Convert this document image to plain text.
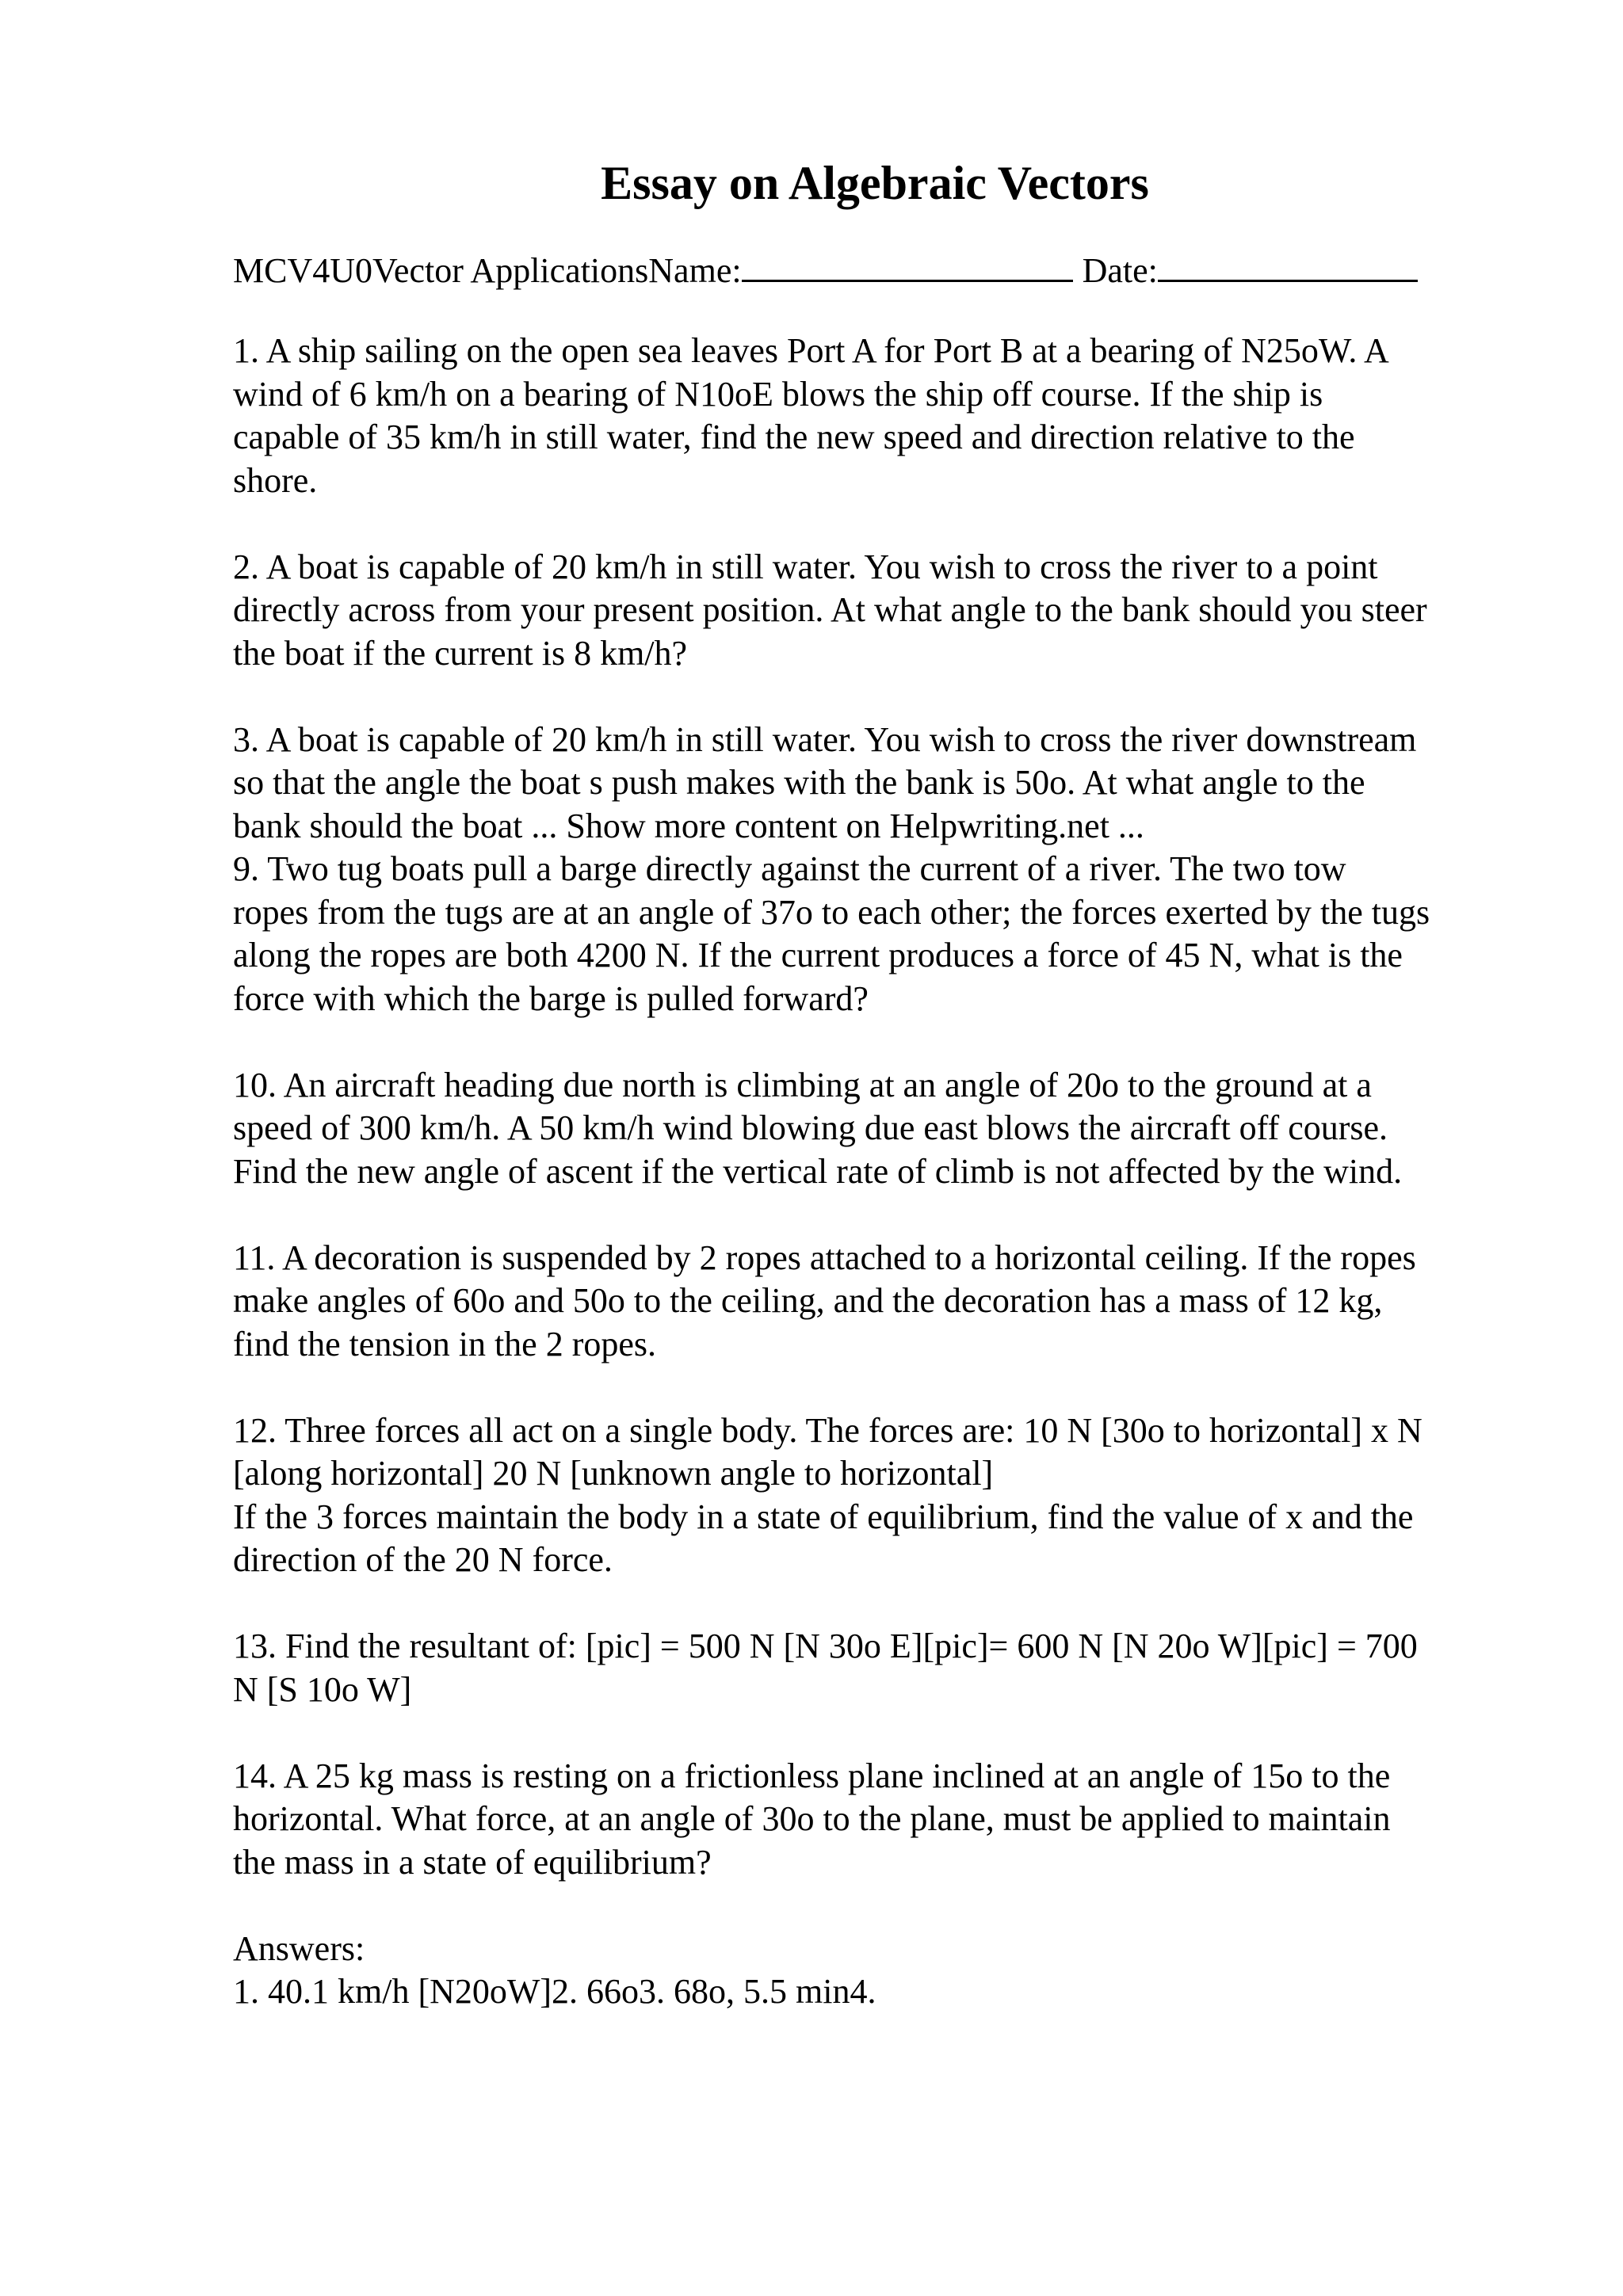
Essay on Algebraic Vectors

MCV4U0Vector ApplicationsName:	Date:

1. A ship sailing on the open sea leaves Port A for Port B at a bearing of N25oW. A
wind of 6 km/h on a bearing of N10oE blows the ship off course. If the ship is
capable of 35 km/h in still water, find the new speed and direction relative to the
shore.

2. A boat is capable of 20 km/h in still water. You wish to cross the river to a point
directly across from your present position. At what angle to the bank should you steer
the boat if the current is 8 km/h?

3. A boat is capable of 20 km/h in still water. You wish to cross the river downstream
so that the angle the boat s push makes with the bank is 50o. At what angle to the
bank should the boat ... Show more content on Helpwriting.net ...

9. Two tug boats pull a barge directly against the current of a river. The two tow
ropes from the tugs are at an angle of 37o to each other; the forces exerted by the tugs
along the ropes are both 4200 N. If the current produces a force of 45 N, what is the
force with which the barge is pulled forward?

10. An aircraft heading due north is climbing at an angle of 20o to the ground at a
speed of 300 km/h. A 50 km/h wind blowing due east blows the aircraft off course.
Find the new angle of ascent if the vertical rate of climb is not affected by the wind.

11. A decoration is suspended by 2 ropes attached to a horizontal ceiling. If the ropes
make angles of 60o and 50o to the ceiling, and the decoration has a mass of 12 kg,
find the tension in the 2 ropes.

12. Three forces all act on a single body. The forces are: 10 N [30o to horizontal] x N
[along horizontal] 20 N [unknown angle to horizontal]
If the 3 forces maintain the body in a state of equilibrium, find the value of x and the
direction of the 20 N force.

13. Find the resultant of: [pic] = 500 N [N 30o E][pic]= 600 N [N 20o W][pic] = 700
N [S 10o W]

14. A 25 kg mass is resting on a frictionless plane inclined at an angle of 15o to the
horizontal. What force, at an angle of 30o to the plane, must be applied to maintain
the mass in a state of equilibrium?

Answers:
1. 40.1 km/h [N20oW]2. 66o3. 68o, 5.5 min4.
